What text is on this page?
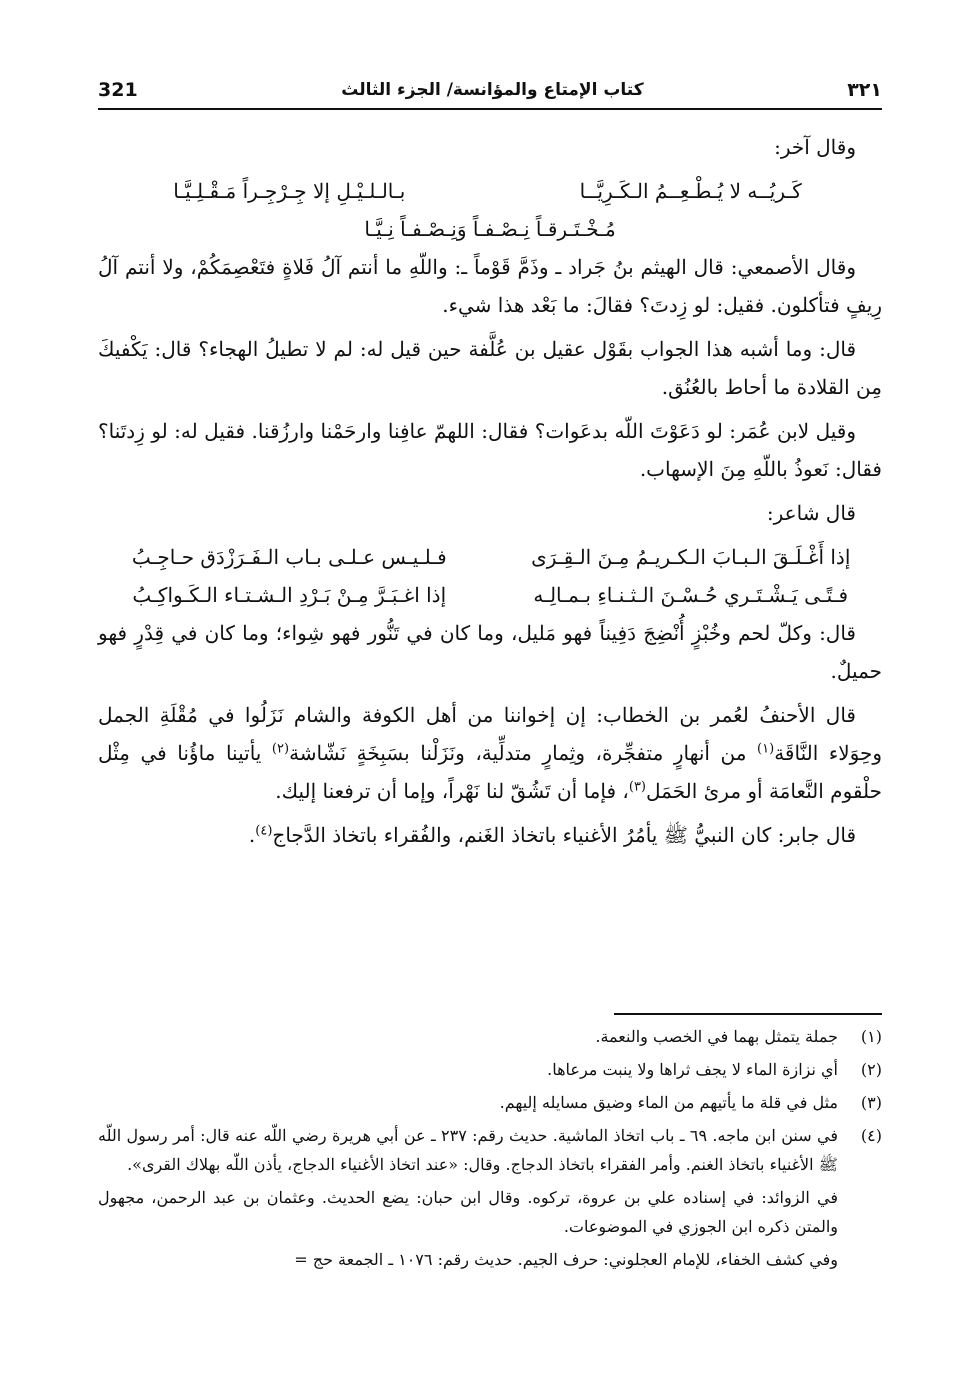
321	كتاب الإمتاع والمؤانسة/ الجزء الثالث	٣٢١

وقال آخر:

كَـريُــه لا يُـطْـعِــمُ الـكَـرِيَّــا
بـالـلـيْـلِ إلا جِـرْجِـراً مَـقْـلِـيَّـا
مُـخْـتَـرقـاً نِـصْـفـاً وَنِـصْـفـاً نِـيَّـا

وقال الأصمعي: قال الهيثم بنُ جَراد ـ وذَمَّ قَوْماً ـ: واللّهِ ما أنتم آلُ فَلاةٍ فتَعْصِمَكُمْ، ولا أنتم آلُ رِيفٍ فتأكلون. فقيل: لو زِدتَ؟ فقالَ: ما بَعْد هذا شيء.

قال: وما أشبه هذا الجواب بقَوْل عقيل بن عُلَّفة حين قيل له: لم لا تطيلُ الهجاء؟ قال: يَكْفيكَ مِن القلادة ما أحاط بالعُنُق.

وقيل لابن عُمَر: لو دَعَوْتَ اللّه بدعَوات؟ فقال: اللهمّ عافِنا وارحَمْنا وارزُقنا. فقيل له: لو زِدتَنا؟ فقال: نَعوذُ باللّهِ مِنَ الإسهاب.

قال شاعر:

إذا أَغْـلَـقَ الـبـابَ الـكـريـمُ مِـنَ الـقِـرَى
فـلـيـس عـلـى بـاب الـفَـرَزْدَق حـاجِـبُ
فـتًـى يَـشْـتَـري حُـسْـنَ الـثـنـاءِ بـمـالِـه
إذا اغـبَـرَّ مِـنْ بَـرْدِ الـشـتـاء الـكَـواكِـبُ

قال: وكلّ لحم وخُبْزٍ أُنْضِجَ دَفِيناً فهو مَليل، وما كان في تَنُّور فهو شِواء؛ وما كان في قِدْرٍ فهو حميلٌ.

قال الأحنفُ لعُمر بن الخطاب: إن إخواننا من أهل الكوفة والشام نَزَلُوا في مُقْلَةِ الجمل وحِوَلاء النَّاقَة$^{(١)}$ من أنهارٍ متفجِّرة، وثِمارٍ متدلِّية، ونَزَلْنا بسَبِخَةٍ نَشّاشة$^{(٢)}$ يأتينا ماؤُنا في مِثْل حلْقوم النَّعامَة أو مرئ الحَمَل$^{(٣)}$، فإما أن تَشُقّ لنا نَهْراً، وإما أن ترفعنا إليك.

قال جابر: كان النبيُّ ﷺ يأمُرُ الأغنياء باتخاذ الغَنم، والفُقراء باتخاذ الدَّجاج$^{(٤)}$.

(١)
جملة يتمثل بهما في الخصب والنعمة.
(٢)
أي نزازة الماء لا يجف ثراها ولا ينبت مرعاها.
(٣)
مثل في قلة ما يأتيهم من الماء وضيق مسايله إليهم.
(٤)
في سنن ابن ماجه. ٦٩ ـ باب اتخاذ الماشية. حديث رقم: ٢٣٧ ـ عن أبي هريرة رضي اللّه عنه قال: أمر رسول اللّه ﷺ الأغنياء باتخاذ الغنم. وأمر الفقراء باتخاذ الدجاج. وقال: «عند اتخاذ الأغنياء الدجاج، يأذن اللّه بهلاك القرى».
في الزوائد: في إسناده علي بن عروة، تركوه. وقال ابن حبان: يضع الحديث. وعثمان بن عبد الرحمن، مجهول والمتن ذكره ابن الجوزي في الموضوعات.
وفي كشف الخفاء، للإمام العجلوني: حرف الجيم. حديث رقم: ١٠٧٦ ـ الجمعة حج =
